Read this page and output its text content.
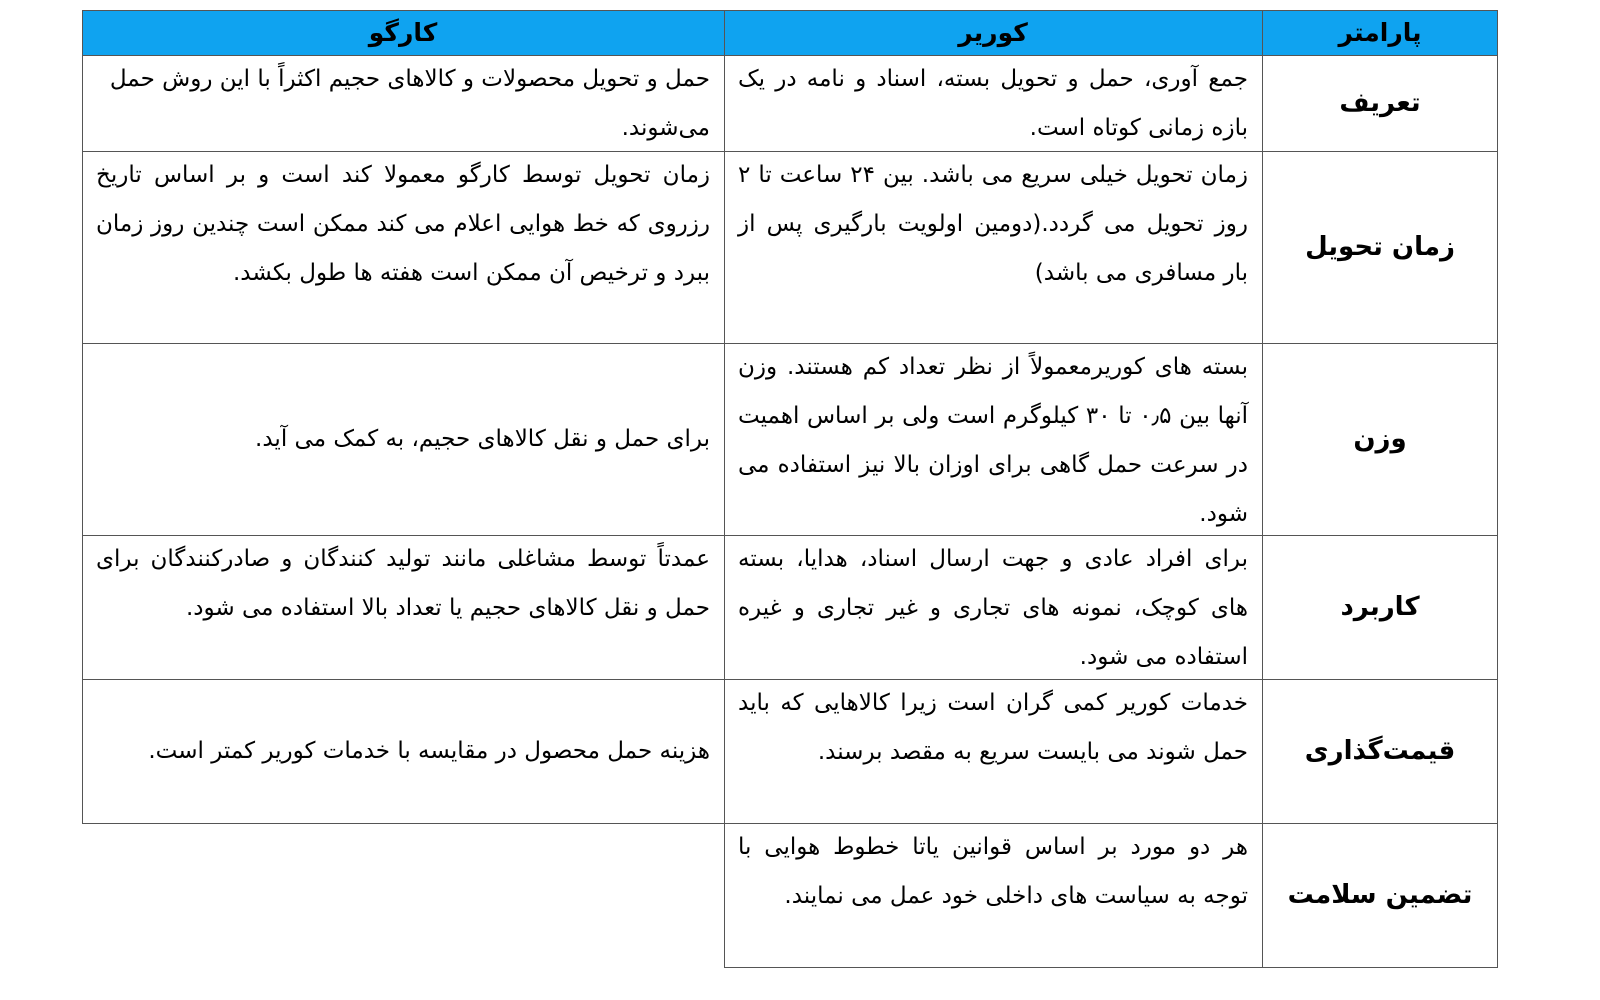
کارگو	کوریر	پارامتر
تعریف
جمع آوری، حمل و تحویل بسته، اسناد و نامه در یک بازه زمانی کوتاه است.
حمل و تحویل محصولات و کالاهای حجیم اکثراً با این روش حمل می‌شوند.
زمان تحویل
زمان تحویل خیلی سریع می باشد. بین ۲۴ ساعت تا ۲ روز تحویل می گردد.(دومین اولویت بارگیری پس از بار مسافری می باشد)
زمان تحویل توسط کارگو معمولا کند است و بر اساس تاریخ رزروی که خط هوایی اعلام می کند ممکن است چندین روز زمان ببرد و ترخیص آن ممکن است هفته ها طول بکشد.
وزن
بسته های کوریرمعمولاً از نظر تعداد کم هستند. وزن آنها بین ۰٫۵ تا ۳۰ کیلوگرم است ولی بر اساس اهمیت در سرعت حمل گاهی برای اوزان بالا نیز استفاده می شود.
برای حمل و نقل کالاهای حجیم، به کمک می آید.
کاربرد
برای افراد عادی و جهت ارسال اسناد، هدایا، بسته های کوچک، نمونه های تجاری و غیر تجاری و غیره استفاده می شود.
عمدتاً توسط مشاغلی مانند تولید کنندگان و صادرکنندگان برای حمل و نقل کالاهای حجیم یا تعداد بالا استفاده می شود.
قیمت‌گذاری
خدمات کوریر کمی گران است زیرا کالاهایی که باید حمل شوند می بایست سریع به مقصد برسند.
هزینه حمل محصول در مقایسه با خدمات کوریر کمتر است.
تضمین سلامت
هر دو مورد بر اساس قوانین یاتا خطوط هوایی با توجه به سیاست های داخلی خود عمل می نمایند.
